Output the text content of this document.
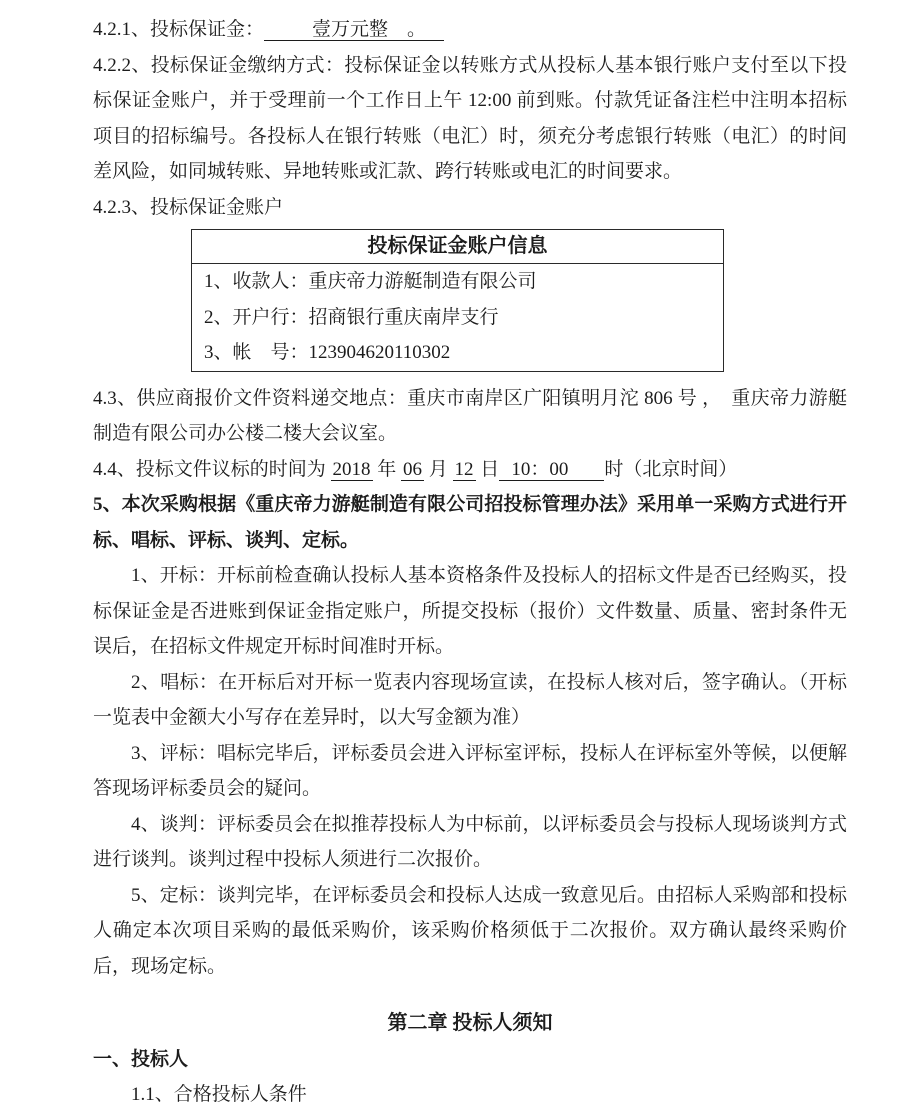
4.2.1、投标保证金：	壹万元整　。

4.2.2、投标保证金缴纳方式：投标保证金以转账方式从投标人基本银行账户支付至以下投标保证金账户，并于受理前一个工作日上午 12:00 前到账。付款凭证备注栏中注明本招标项目的招标编号。各投标人在银行转账（电汇）时，须充分考虑银行转账（电汇）的时间差风险，如同城转账、异地转账或汇款、跨行转账或电汇的时间要求。

4.2.3、投标保证金账户

投标保证金账户信息
1、收款人：重庆帝力游艇制造有限公司
2、开户行：招商银行重庆南岸支行
3、帐　号：123904620110302

4.3、供应商报价文件资料递交地点：重庆市南岸区广阳镇明月沱 806 号 ，　重庆帝力游艇制造有限公司办公楼二楼大会议室。

4.4、投标文件议标的时间为 2018 年 06 月 12 日 10：00 时（北京时间）

5、本次采购根据《重庆帝力游艇制造有限公司招投标管理办法》采用单一采购方式进行开标、唱标、评标、谈判、定标。

1、开标：开标前检查确认投标人基本资格条件及投标人的招标文件是否已经购买，投标保证金是否进账到保证金指定账户，所提交投标（报价）文件数量、质量、密封条件无误后，在招标文件规定开标时间准时开标。

2、唱标：在开标后对开标一览表内容现场宣读，在投标人核对后，签字确认。（开标一览表中金额大小写存在差异时，以大写金额为准）

3、评标：唱标完毕后，评标委员会进入评标室评标，投标人在评标室外等候，以便解答现场评标委员会的疑问。

4、谈判：评标委员会在拟推荐投标人为中标前，以评标委员会与投标人现场谈判方式进行谈判。谈判过程中投标人须进行二次报价。

5、定标：谈判完毕，在评标委员会和投标人达成一致意见后。由招标人采购部和投标人确定本次项目采购的最低采购价，该采购价格须低于二次报价。双方确认最终采购价后，现场定标。

第二章 投标人须知

一、投标人

1.1、合格投标人条件
